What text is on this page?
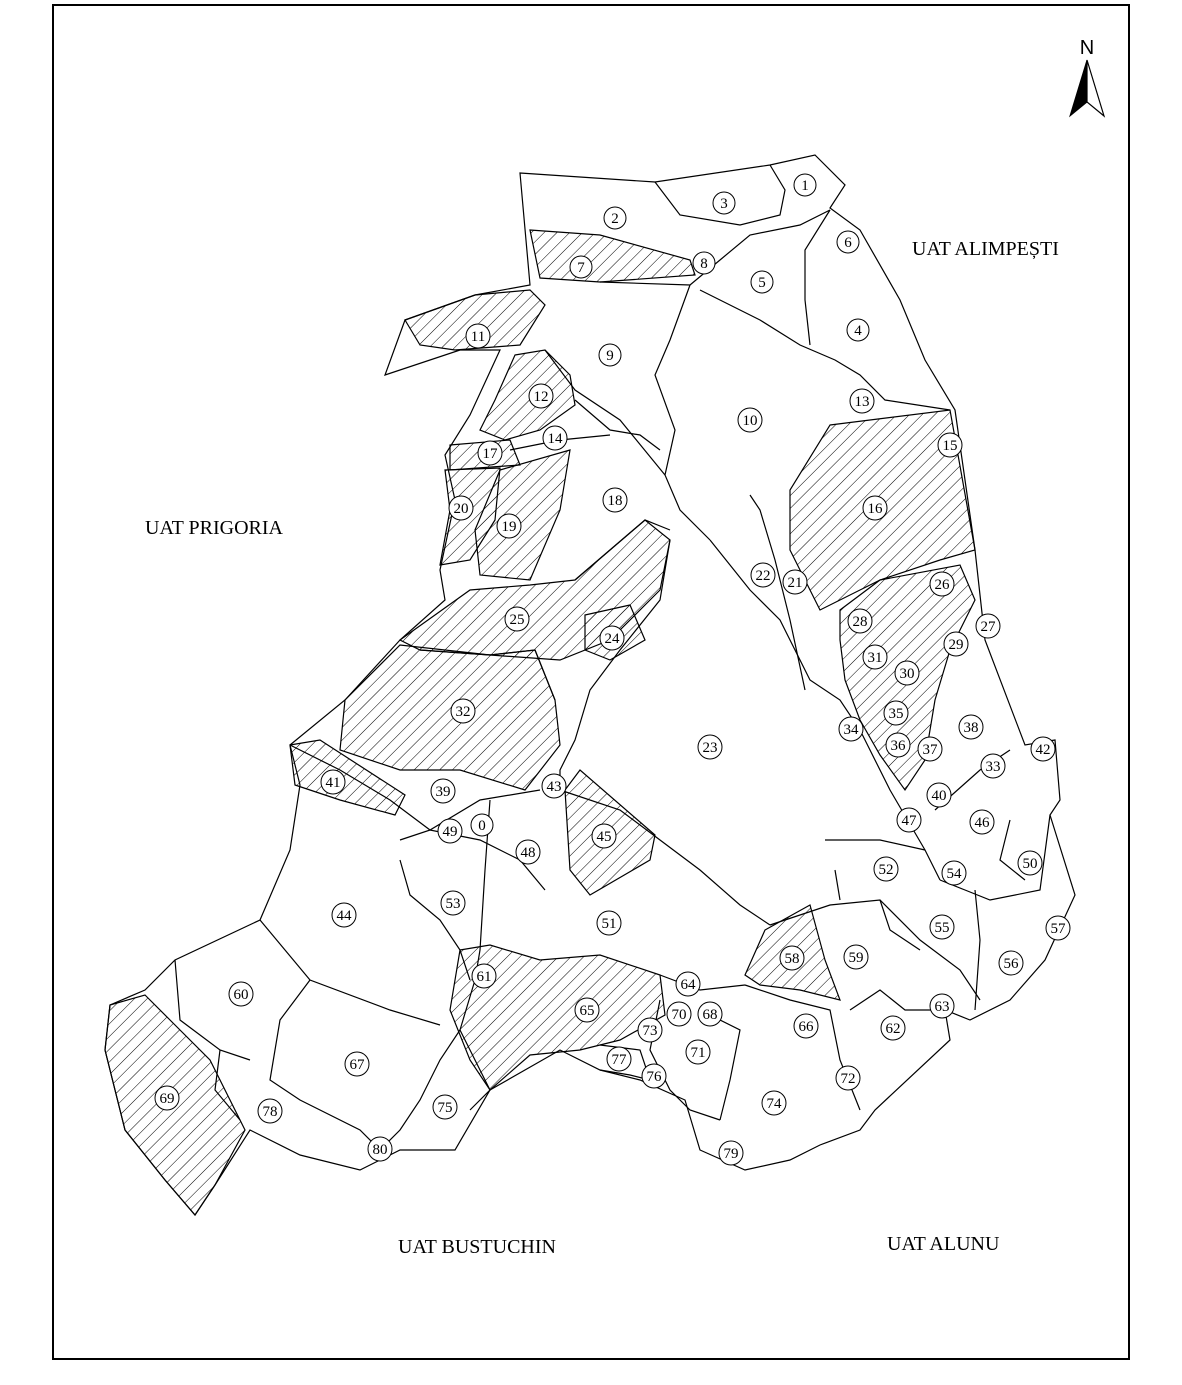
N
UAT ALIMPEȘTI
UAT PRIGORIA
UAT BUSTUCHIN	UAT ALUNU
0
1
2
3
4
5
6
7	8
9
10
11
12	13
14	15
16
17
18
19
20
21
22
23
24
25
26
27
28
29
30
31
32
33
34
35
36 37
38
39	40
41
42
43
44
45
46
47
48
49
50
51
52
53
54
55
56
57
58	59
60
61
62
63
64
65
66
67
68
69
70
71
72
73
74
75
76
77
78
79
80
